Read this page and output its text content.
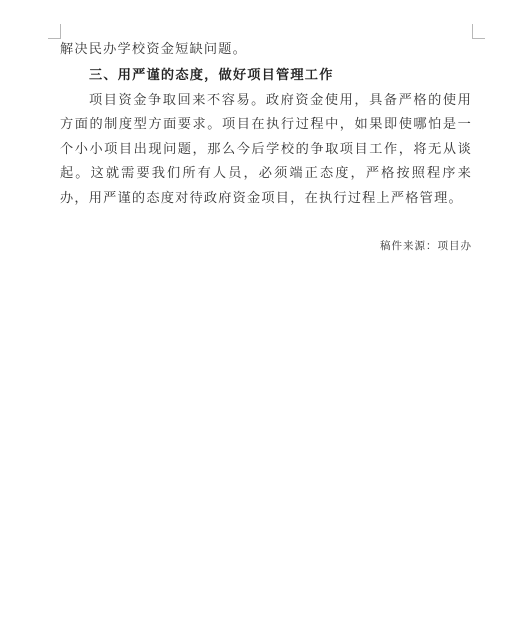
解决民办学校资金短缺问题。

三、用严谨的态度，做好项目管理工作

项目资金争取回来不容易。政府资金使用，具备严格的使用方面的制度型方面要求。项目在执行过程中，如果即使哪怕是一个小小项目出现问题，那么今后学校的争取项目工作，将无从谈起。这就需要我们所有人员，必须端正态度，严格按照程序来办，用严谨的态度对待政府资金项目，在执行过程上严格管理。

稿件来源：项目办
